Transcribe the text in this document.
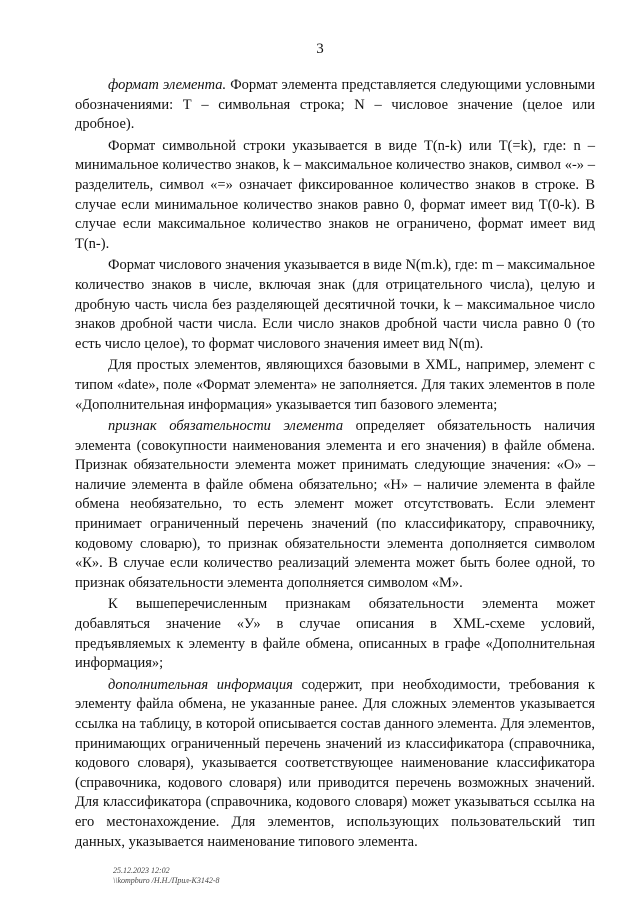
3

формат элемента. Формат элемента представляется следующими условными обозначениями: Т – символьная строка; N – числовое значение (целое или дробное).

Формат символьной строки указывается в виде Т(n-k) или Т(=k), где: n – минимальное количество знаков, k – максимальное количество знаков, символ «-» – разделитель, символ «=» означает фиксированное количество знаков в строке. В случае если минимальное количество знаков равно 0, формат имеет вид Т(0-k). В случае если максимальное количество знаков не ограничено, формат имеет вид Т(n-).

Формат числового значения указывается в виде N(m.k), где: m – максимальное количество знаков в числе, включая знак (для отрицательного числа), целую и дробную часть числа без разделяющей десятичной точки, k – максимальное число знаков дробной части числа. Если число знаков дробной части числа равно 0 (то есть число целое), то формат числового значения имеет вид N(m).

Для простых элементов, являющихся базовыми в XML, например, элемент с типом «date», поле «Формат элемента» не заполняется. Для таких элементов в поле «Дополнительная информация» указывается тип базового элемента;

признак обязательности элемента определяет обязательность наличия элемента (совокупности наименования элемента и его значения) в файле обмена. Признак обязательности элемента может принимать следующие значения: «О» – наличие элемента в файле обмена обязательно; «Н» – наличие элемента в файле обмена необязательно, то есть элемент может отсутствовать. Если элемент принимает ограниченный перечень значений (по классификатору, справочнику, кодовому словарю), то признак обязательности элемента дополняется символом «К». В случае если количество реализаций элемента может быть более одной, то признак обязательности элемента дополняется символом «М».

К вышеперечисленным признакам обязательности элемента может добавляться значение «У» в случае описания в XML-схеме условий, предъявляемых к элементу в файле обмена, описанных в графе «Дополнительная информация»;

дополнительная информация содержит, при необходимости, требования к элементу файла обмена, не указанные ранее. Для сложных элементов указывается ссылка на таблицу, в которой описывается состав данного элемента. Для элементов, принимающих ограниченный перечень значений из классификатора (справочника, кодового словаря), указывается соответствующее наименование классификатора (справочника, кодового словаря) или приводится перечень возможных значений. Для классификатора (справочника, кодового словаря) может указываться ссылка на его местонахождение. Для элементов, использующих пользовательский тип данных, указывается наименование типового элемента.

25.12.2023 12:02
\\kompburo /Н.Н./Прил-К3142-8
